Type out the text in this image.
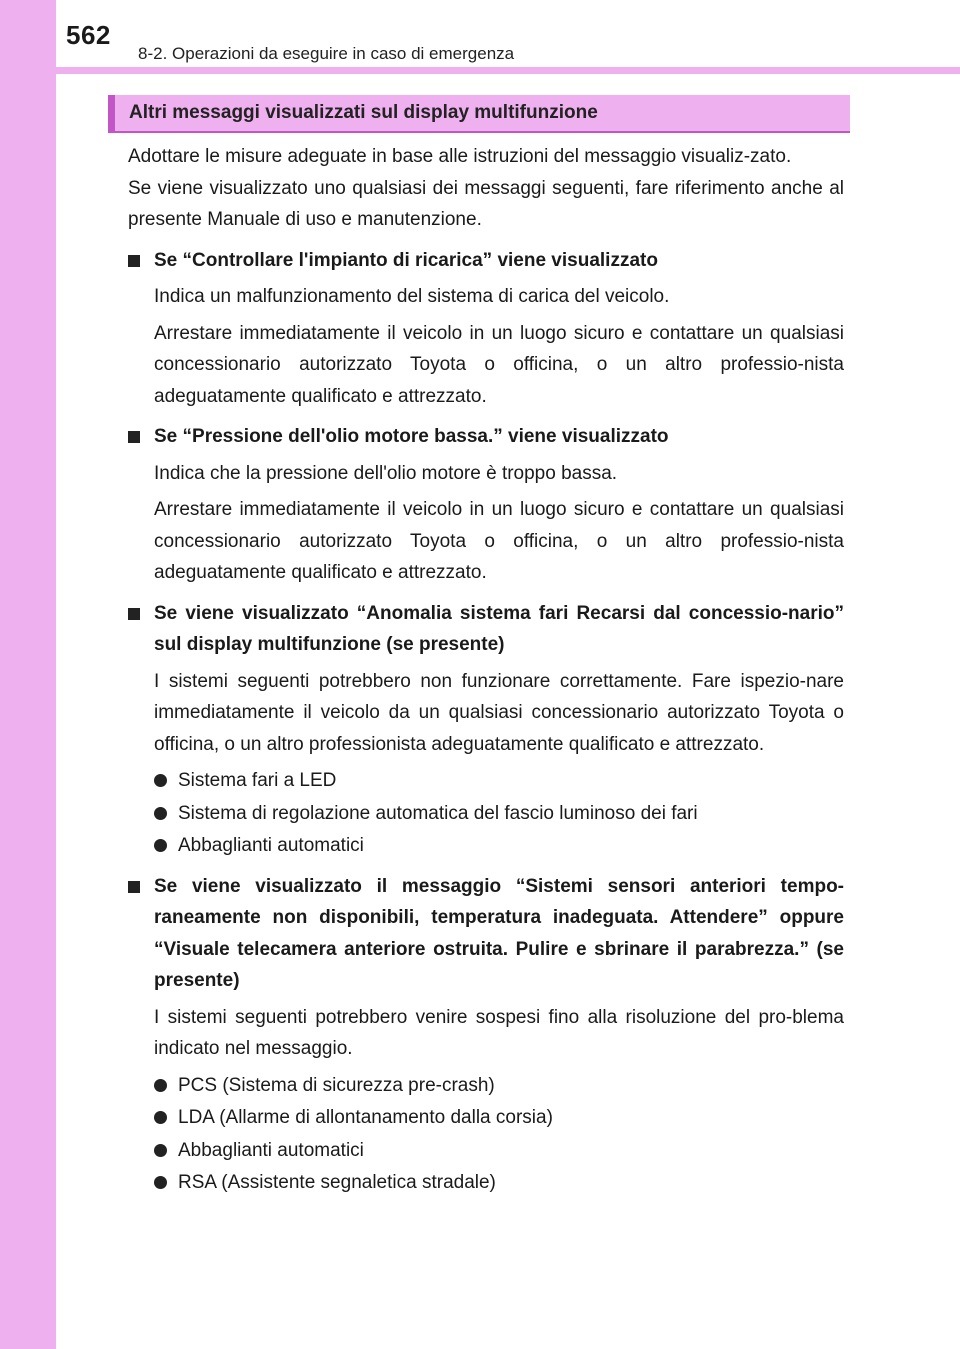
562
8-2. Operazioni da eseguire in caso di emergenza
Altri messaggi visualizzati sul display multifunzione

Adottare le misure adeguate in base alle istruzioni del messaggio visualiz-zato.

Se viene visualizzato uno qualsiasi dei messaggi seguenti, fare riferimento anche al presente Manuale di uso e manutenzione.

Se “Controllare l'impianto di ricarica” viene visualizzato

Indica un malfunzionamento del sistema di carica del veicolo.

Arrestare immediatamente il veicolo in un luogo sicuro e contattare un qualsiasi concessionario autorizzato Toyota o officina, o un altro professio-nista adeguatamente qualificato e attrezzato.

Se “Pressione dell'olio motore bassa.” viene visualizzato

Indica che la pressione dell'olio motore è troppo bassa.

Arrestare immediatamente il veicolo in un luogo sicuro e contattare un qualsiasi concessionario autorizzato Toyota o officina, o un altro professio-nista adeguatamente qualificato e attrezzato.

Se viene visualizzato “Anomalia sistema fari Recarsi dal concessio-nario” sul display multifunzione (se presente)

I sistemi seguenti potrebbero non funzionare correttamente. Fare ispezio-nare immediatamente il veicolo da un qualsiasi concessionario autorizzato Toyota o officina, o un altro professionista adeguatamente qualificato e attrezzato.

Sistema fari a LED
Sistema di regolazione automatica del fascio luminoso dei fari
Abbaglianti automatici
Se viene visualizzato il messaggio “Sistemi sensori anteriori tempo-raneamente non disponibili, temperatura inadeguata. Attendere” oppure “Visuale telecamera anteriore ostruita. Pulire e sbrinare il parabrezza.” (se presente)

I sistemi seguenti potrebbero venire sospesi fino alla risoluzione del pro-blema indicato nel messaggio.

PCS (Sistema di sicurezza pre-crash)
LDA (Allarme di allontanamento dalla corsia)
Abbaglianti automatici
RSA (Assistente segnaletica stradale)
